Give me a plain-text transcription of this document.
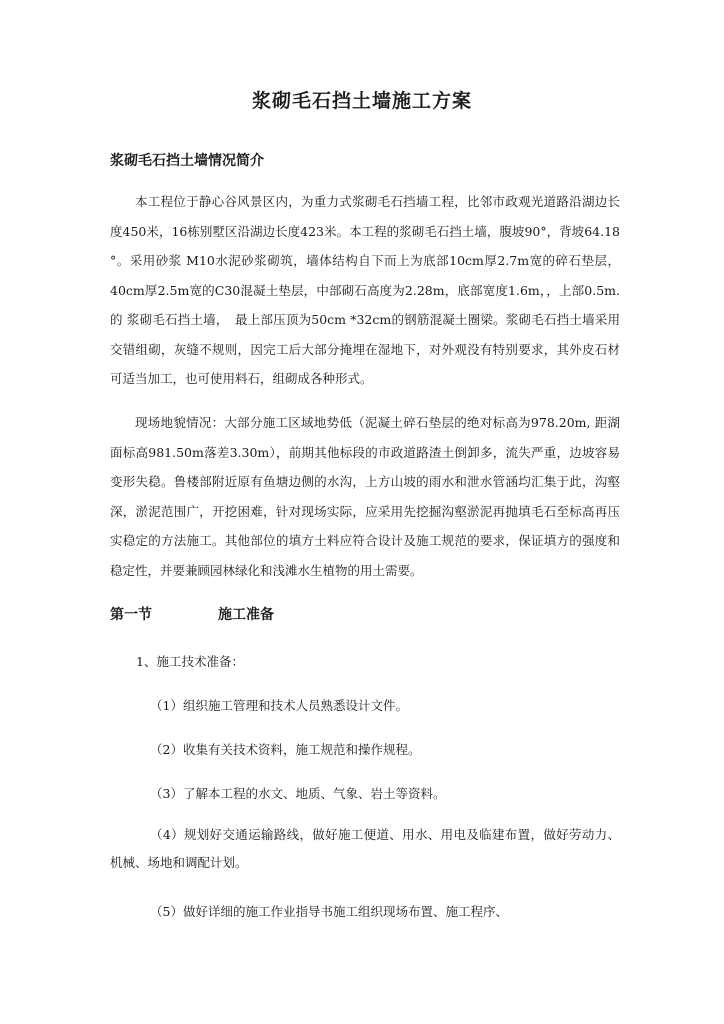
浆砌毛石挡土墙施工方案
浆砌毛石挡土墙情况简介

本工程位于静心谷风景区内，为重力式浆砌毛石挡墙工程，比邻市政观光道路沿湖边长度450米，16栋别墅区沿湖边长度423米。本工程的浆砌毛石挡土墙，腹坡90°，背坡64.18 °。采用砂浆 M10水泥砂浆砌筑，墙体结构自下而上为底部10cm厚2.7m宽的碎石垫层，40cm厚2.5m宽的C30混凝土垫层，中部砌石高度为2.28m，底部宽度1.6m，，上部0.5m.的 浆砌毛石挡土墙，　最上部压顶为50cm *32cm的钢筋混凝土圈梁。浆砌毛石挡土墙采用交错组砌，灰缝不规则，因完工后大部分掩埋在湿地下，对外观没有特别要求，其外皮石材可适当加工，也可使用料石，组砌成各种形式。

现场地貌情况：大部分施工区域地势低（泥凝土碎石垫层的绝对标高为978.20m, 距湖面标高981.50m落差3.30m），前期其他标段的市政道路渣土倒卸多，流失严重，边坡容易变形失稳。鲁楼部附近原有鱼塘边侧的水沟，上方山坡的雨水和泄水管涵均汇集于此，沟壑深，淤泥范围广，开挖困难，针对现场实际，应采用先挖掘沟壑淤泥再抛填毛石至标高再压实稳定的方法施工。其他部位的填方土料应符合设计及施工规范的要求，保证填方的强度和稳定性，并要兼顾园林绿化和浅滩水生植物的用土需要。

第一节	施工准备
1、施工技术准备：
（1）组织施工管理和技术人员熟悉设计文件。
（2）收集有关技术资料，施工规范和操作规程。
（3）了解本工程的水文、地质、气象、岩土等资料。

（4）规划好交通运输路线，做好施工便道、用水、用电及临建布置，做好劳动力、机械、场地和调配计划。

（5）做好详细的施工作业指导书施工组织现场布置、施工程序、
